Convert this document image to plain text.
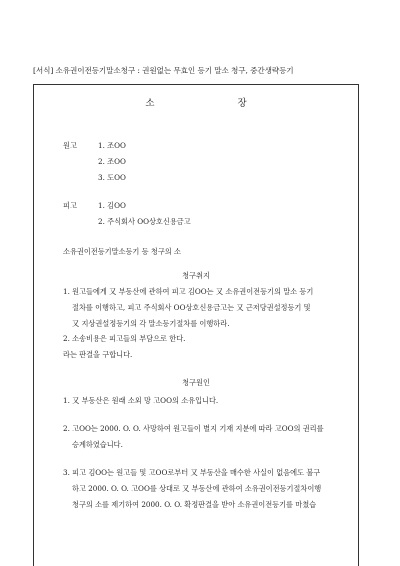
[서식] 소유권이전등기말소청구 : 권원없는 무효인 등기 말소 청구, 중간생략등기
소 장
원고	1. 조OO
2. 조OO
3. 도OO
피고	1. 김OO
2. 주식회사 OO상호신용금고
소유권이전등기말소등기 등 청구의 소
청구취지
1. 원고들에게 又 부동산에 관하여 피고 김OO는 又 소유권이전등기의 말소 등기
절차를 이행하고, 피고 주식회사 OO상호신용금고는 又 근저당권설정등기 및
又 지상권설정등기의 각 말소등기절차를 이행하라.
2. 소송비용은 피고들의 부담으로 한다.
라는 판결을 구합니다.
청구원인
1. 又 부동산은 원래 소외 망 고OO의 소유입니다.
2. 고OO는 2000. O. O. 사망하여 원고들이 별지 기재 지분에 따라 고OO의 권리를
승계하였습니다.
3. 피고 김OO는 원고들 및 고OO로부터 又 부동산을 매수한 사실이 없음에도 불구
하고 2000. O. O. 고OO를 상대로 又 부동산에 관하여 소유권이전등기절차이행
청구의 소를 제기하여 2000. O. O. 확정판결을 받아 소유권이전등기를 마쳤습
